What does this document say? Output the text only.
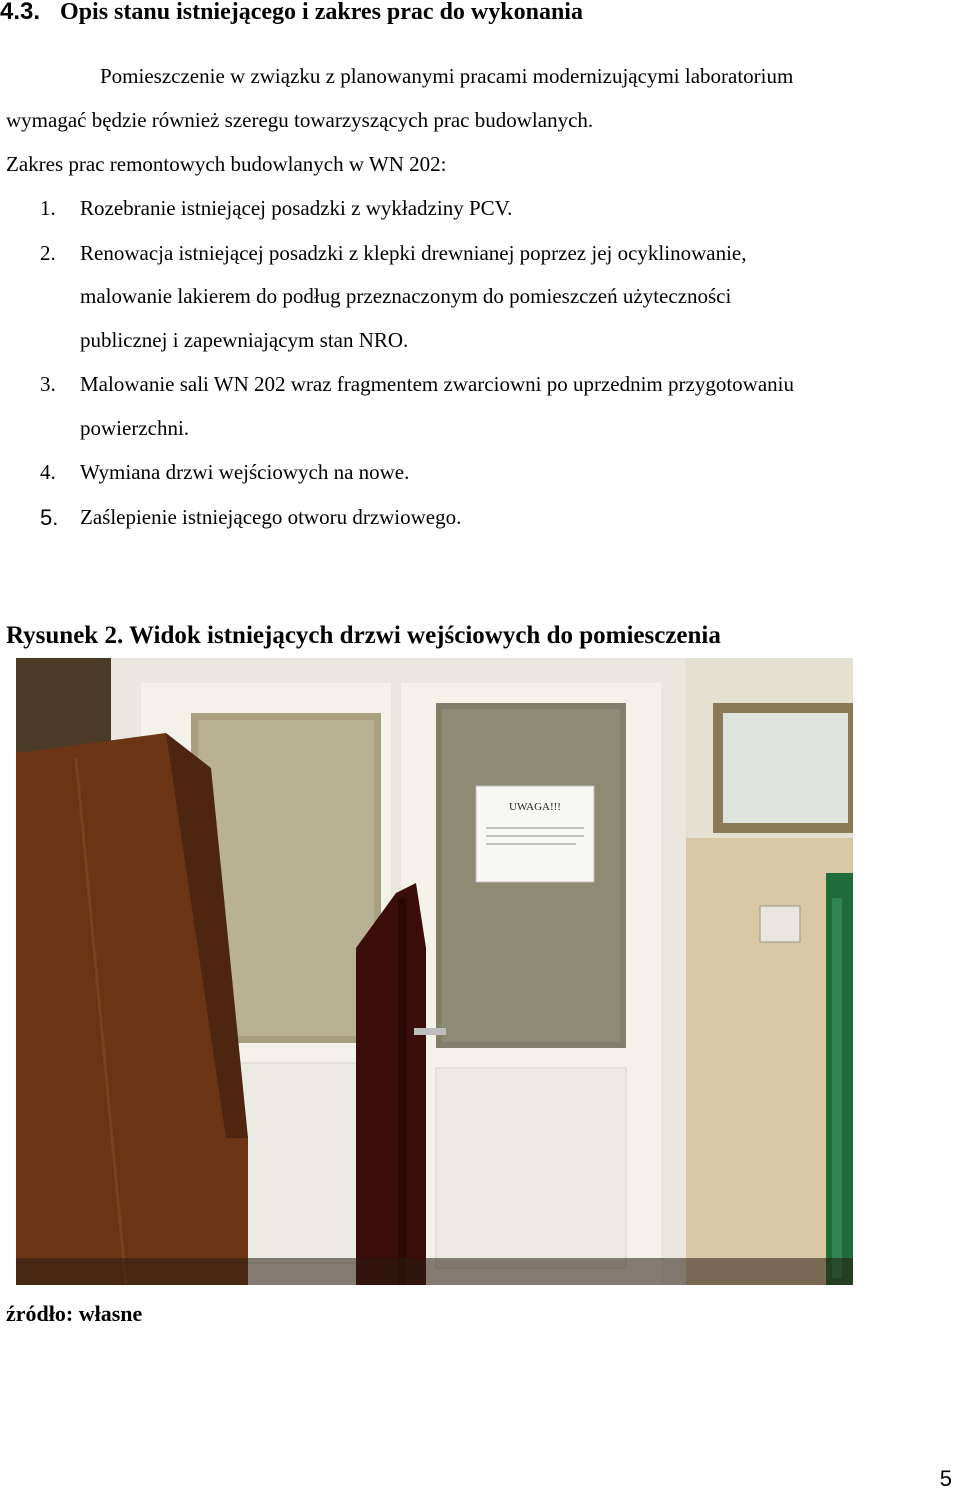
4.3. Opis stanu istniejącego i zakres prac do wykonania
Pomieszczenie w związku z planowanymi pracami modernizującymi laboratorium
wymagać będzie również szeregu towarzyszących prac budowlanych.
Zakres prac remontowych budowlanych w WN 202:
1. Rozebranie istniejącej posadzki z wykładziny PCV.
2. Renowacja istniejącej posadzki z klepki drewnianej poprzez jej ocyklinowanie,
malowanie lakierem do podług przeznaczonym do pomieszczeń użyteczności
publicznej i zapewniającym stan NRO.
3. Malowanie sali WN 202 wraz fragmentem zwarciowni po uprzednim przygotowaniu
powierzchni.
4. Wymiana drzwi wejściowych na nowe.
5. Zaślepienie istniejącego otworu drzwiowego.
Rysunek 2. Widok istniejących drzwi wejściowych do pomiesczenia
UWAGA!!!
źródło: własne
5
